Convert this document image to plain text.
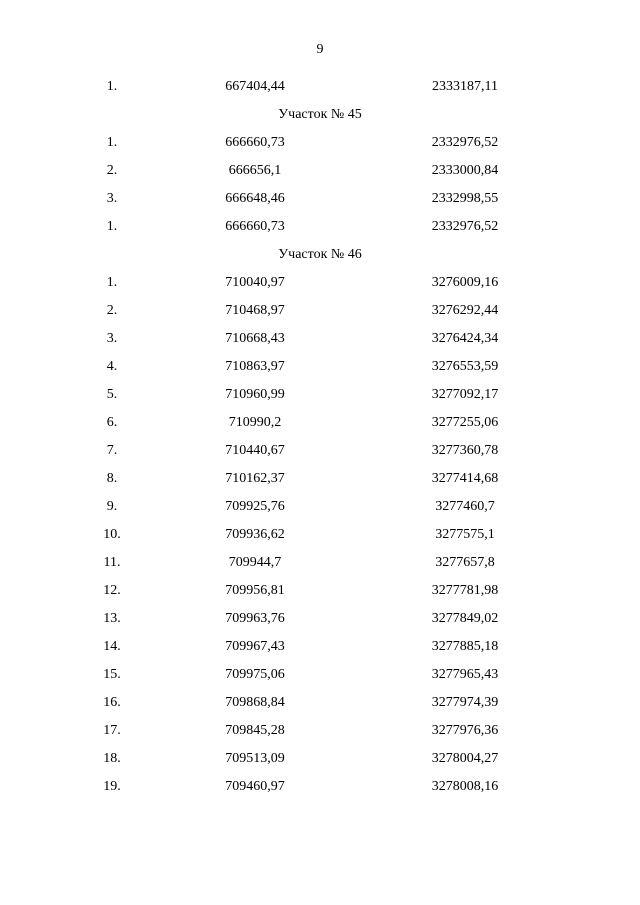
9
1.	667404,44	2333187,11
Участок № 45
1.	666660,73	2332976,52
2.	666656,1	2333000,84
3.	666648,46	2332998,55
1.	666660,73	2332976,52
Участок № 46
1.	710040,97	3276009,16
2.	710468,97	3276292,44
3.	710668,43	3276424,34
4.	710863,97	3276553,59
5.	710960,99	3277092,17
6.	710990,2	3277255,06
7.	710440,67	3277360,78
8.	710162,37	3277414,68
9.	709925,76	3277460,7
10.	709936,62	3277575,1
11.	709944,7	3277657,8
12.	709956,81	3277781,98
13.	709963,76	3277849,02
14.	709967,43	3277885,18
15.	709975,06	3277965,43
16.	709868,84	3277974,39
17.	709845,28	3277976,36
18.	709513,09	3278004,27
19.	709460,97	3278008,16
